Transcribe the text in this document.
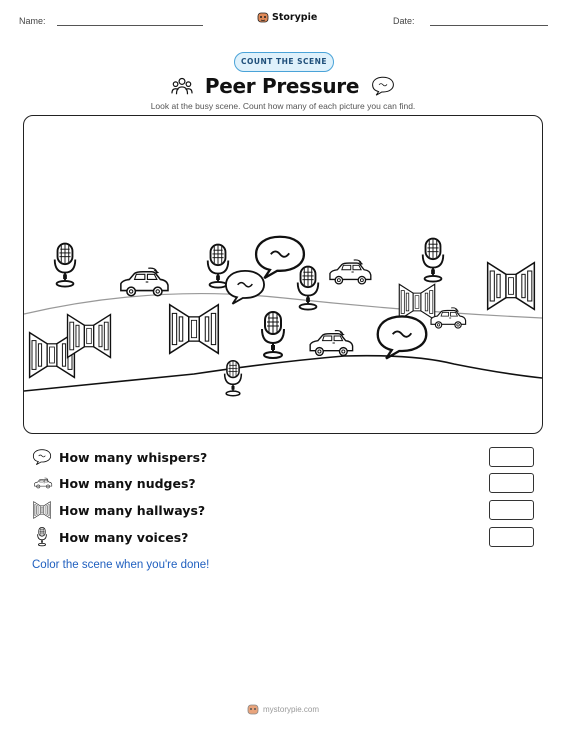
Name:	Storypie	Date:
COUNT THE SCENE
Peer Pressure
Look at the busy scene. Count how many of each picture you can find.
How many whispers?
How many nudges?
How many hallways?
How many voices?
Color the scene when you're done!
mystorypie.com
